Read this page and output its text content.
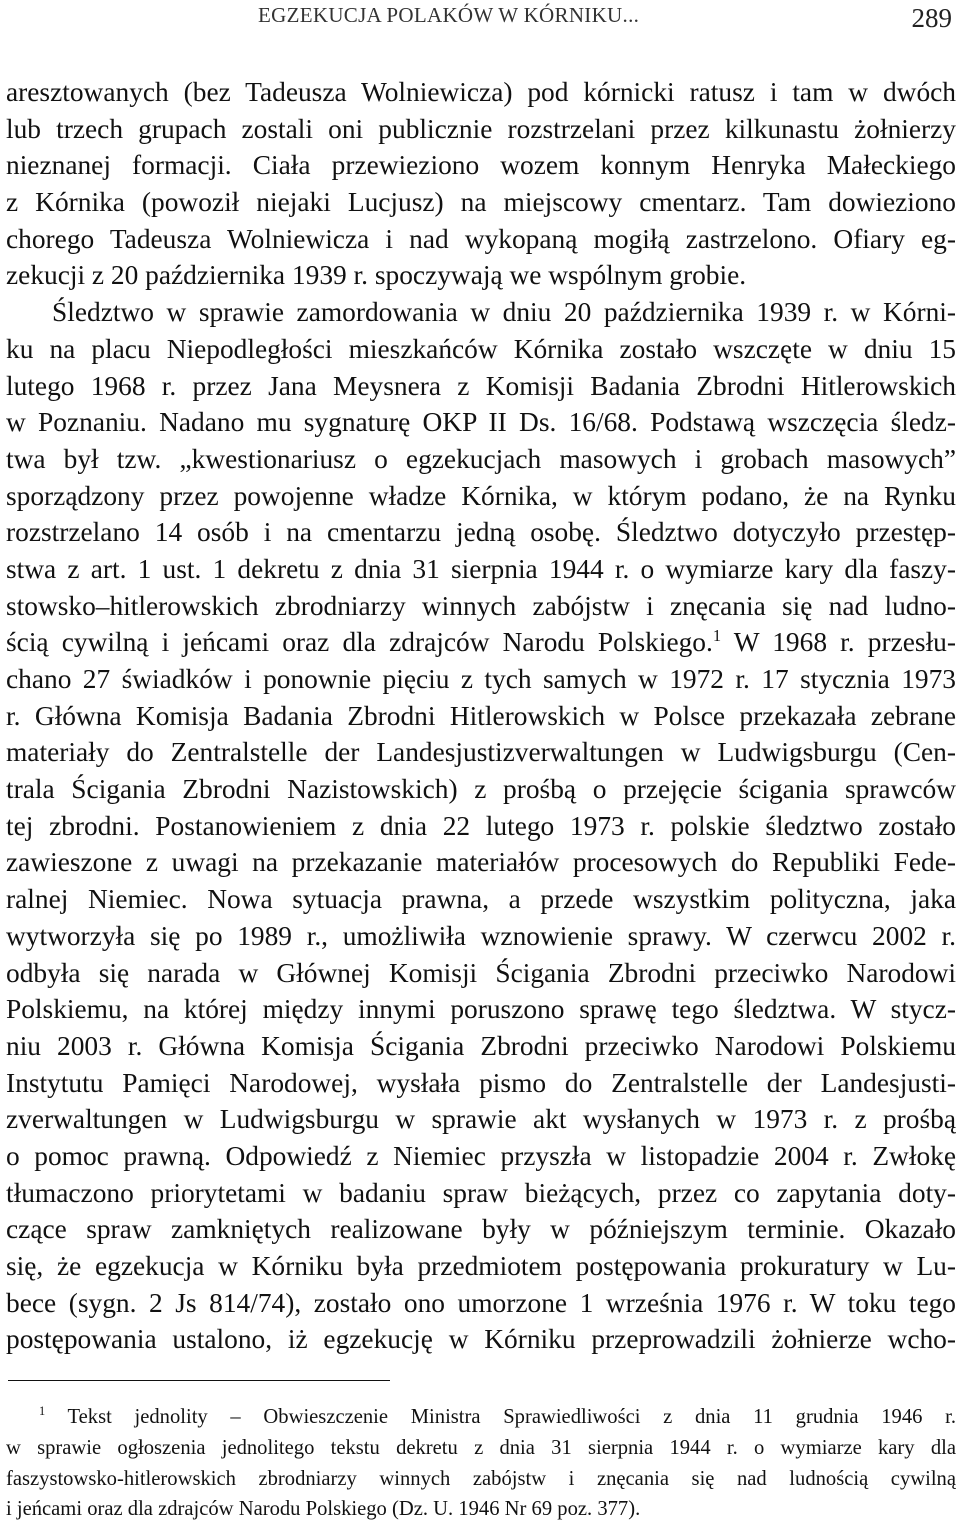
EGZEKUCJA POLAKÓW W KÓRNIKU...	289
aresztowanych (bez Tadeusza Wolniewicza) pod kórnicki ratusz i tam w dwóch
lub trzech grupach zostali oni publicznie rozstrzelani przez kilkunastu żołnierzy
nieznanej formacji. Ciała przewieziono wozem konnym Henryka Małeckiego
z Kórnika (powoził niejaki Lucjusz) na miejscowy cmentarz. Tam dowieziono
chorego Tadeusza Wolniewicza i nad wykopaną mogiłą zastrzelono. Ofiary eg-
zekucji z 20 października 1939 r. spoczywają we wspólnym grobie.
Śledztwo w sprawie zamordowania w dniu 20 października 1939 r. w Kórni-
ku na placu Niepodległości mieszkańców Kórnika zostało wszczęte w dniu 15
lutego 1968 r. przez Jana Meysnera z Komisji Badania Zbrodni Hitlerowskich
w Poznaniu. Nadano mu sygnaturę OKP II Ds. 16/68. Podstawą wszczęcia śledz-
twa był tzw. „kwestionariusz o egzekucjach masowych i grobach masowych”
sporządzony przez powojenne władze Kórnika, w którym podano, że na Rynku
rozstrzelano 14 osób i na cmentarzu jedną osobę. Śledztwo dotyczyło przestęp-
stwa z art. 1 ust. 1 dekretu z dnia 31 sierpnia 1944 r. o wymiarze kary dla faszy-
stowsko–hitlerowskich zbrodniarzy winnych zabójstw i znęcania się nad ludno-
ścią cywilną i jeńcami oraz dla zdrajców Narodu Polskiego.$^1$ W 1968 r. przesłu-
chano 27 świadków i ponownie pięciu z tych samych w 1972 r. 17 stycznia 1973
r. Główna Komisja Badania Zbrodni Hitlerowskich w Polsce przekazała zebrane
materiały do Zentralstelle der Landesjustizverwaltungen w Ludwigsburgu (Cen-
trala Ścigania Zbrodni Nazistowskich) z prośbą o przejęcie ścigania sprawców
tej zbrodni. Postanowieniem z dnia 22 lutego 1973 r. polskie śledztwo zostało
zawieszone z uwagi na przekazanie materiałów procesowych do Republiki Fede-
ralnej Niemiec. Nowa sytuacja prawna, a przede wszystkim polityczna, jaka
wytworzyła się po 1989 r., umożliwiła wznowienie sprawy. W czerwcu 2002 r.
odbyła się narada w Głównej Komisji Ścigania Zbrodni przeciwko Narodowi
Polskiemu, na której między innymi poruszono sprawę tego śledztwa. W stycz-
niu 2003 r. Główna Komisja Ścigania Zbrodni przeciwko Narodowi Polskiemu
Instytutu Pamięci Narodowej, wysłała pismo do Zentralstelle der Landesjusti-
zverwaltungen w Ludwigsburgu w sprawie akt wysłanych w 1973 r. z prośbą
o pomoc prawną. Odpowiedź z Niemiec przyszła w listopadzie 2004 r. Zwłokę
tłumaczono priorytetami w badaniu spraw bieżących, przez co zapytania doty-
czące spraw zamkniętych realizowane były w późniejszym terminie. Okazało
się, że egzekucja w Kórniku była przedmiotem postępowania prokuratury w Lu-
becе (sygn. 2 Js 814/74), zostało ono umorzone 1 września 1976 r. W toku tego
postępowania ustalono, iż egzekucję w Kórniku przeprowadzili żołnierze wcho-
$^1$ Tekst jednolity – Obwieszczenie Ministra Sprawiedliwości z dnia 11 grudnia 1946 r.
w sprawie ogłoszenia jednolitego tekstu dekretu z dnia 31 sierpnia 1944 r. o wymiarze kary dla
faszystowsko-hitlerowskich zbrodniarzy winnych zabójstw i znęcania się nad ludnością cywilną
i jeńcami oraz dla zdrajców Narodu Polskiego (Dz. U. 1946 Nr 69 poz. 377).
